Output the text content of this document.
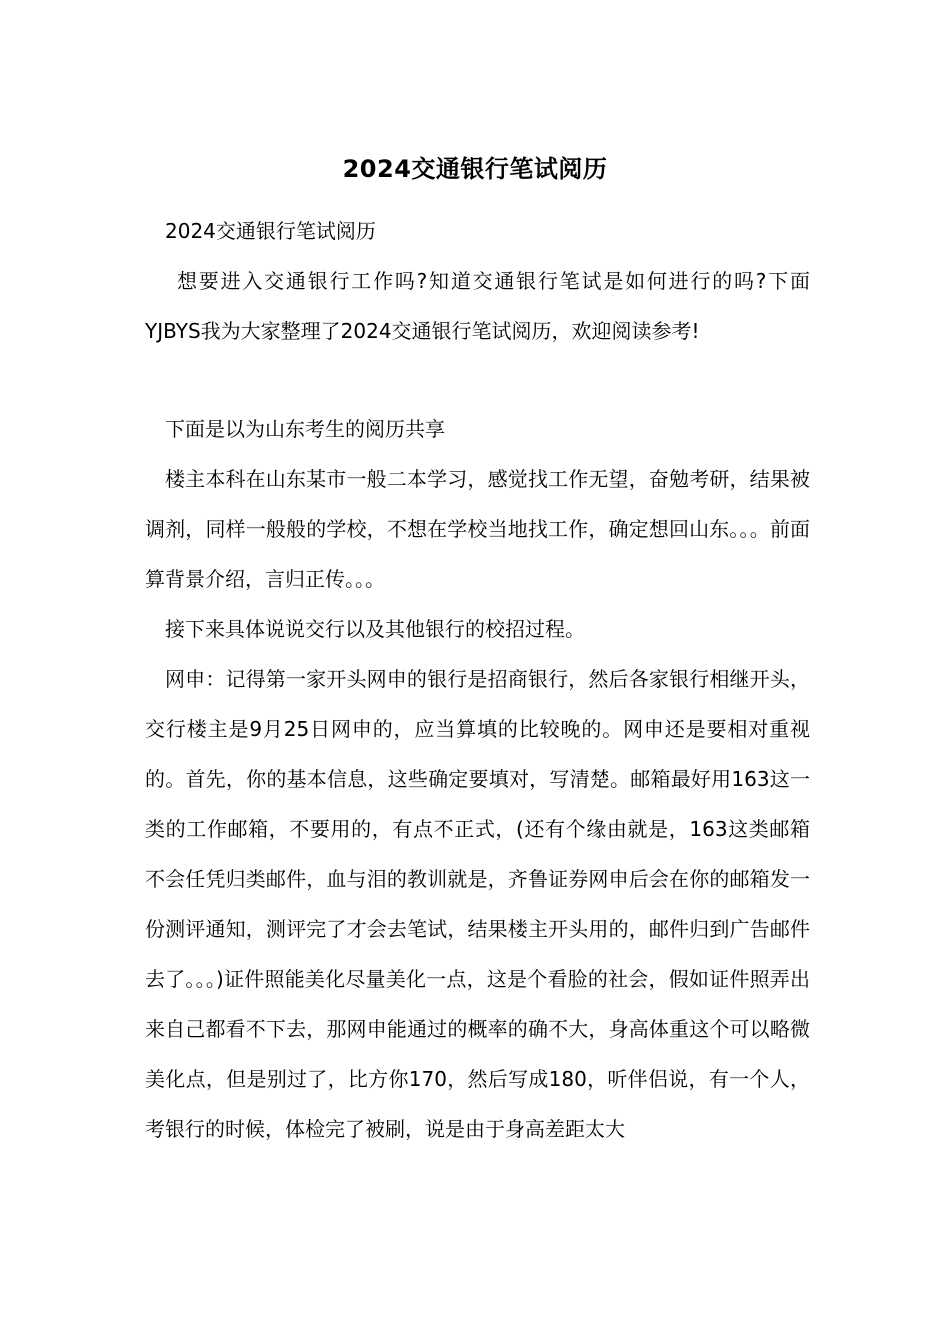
2024交通银行笔试阅历

2024交通银行笔试阅历

想要进入交通银行工作吗?知道交通银行笔试是如何进行的吗?下面YJBYS我为大家整理了2024交通银行笔试阅历，欢迎阅读参考!

下面是以为山东考生的阅历共享

楼主本科在山东某市一般二本学习，感觉找工作无望，奋勉考研，结果被调剂，同样一般般的学校，不想在学校当地找工作，确定想回山东。。。前面算背景介绍，言归正传。。。

接下来具体说说交行以及其他银行的校招过程。

网申：记得第一家开头网申的银行是招商银行，然后各家银行相继开头，交行楼主是9月25日网申的，应当算填的比较晚的。网申还是要相对重视的。首先，你的基本信息，这些确定要填对，写清楚。邮箱最好用163这一类的工作邮箱，不要用的，有点不正式，(还有个缘由就是，163这类邮箱不会任凭归类邮件，血与泪的教训就是，齐鲁证券网申后会在你的邮箱发一份测评通知，测评完了才会去笔试，结果楼主开头用的，邮件归到广告邮件去了。。。)证件照能美化尽量美化一点，这是个看脸的社会，假如证件照弄出来自己都看不下去，那网申能通过的概率的确不大，身高体重这个可以略微美化点，但是别过了，比方你170，然后写成180，听伴侣说，有一个人，考银行的时候，体检完了被刷，说是由于身高差距太大
